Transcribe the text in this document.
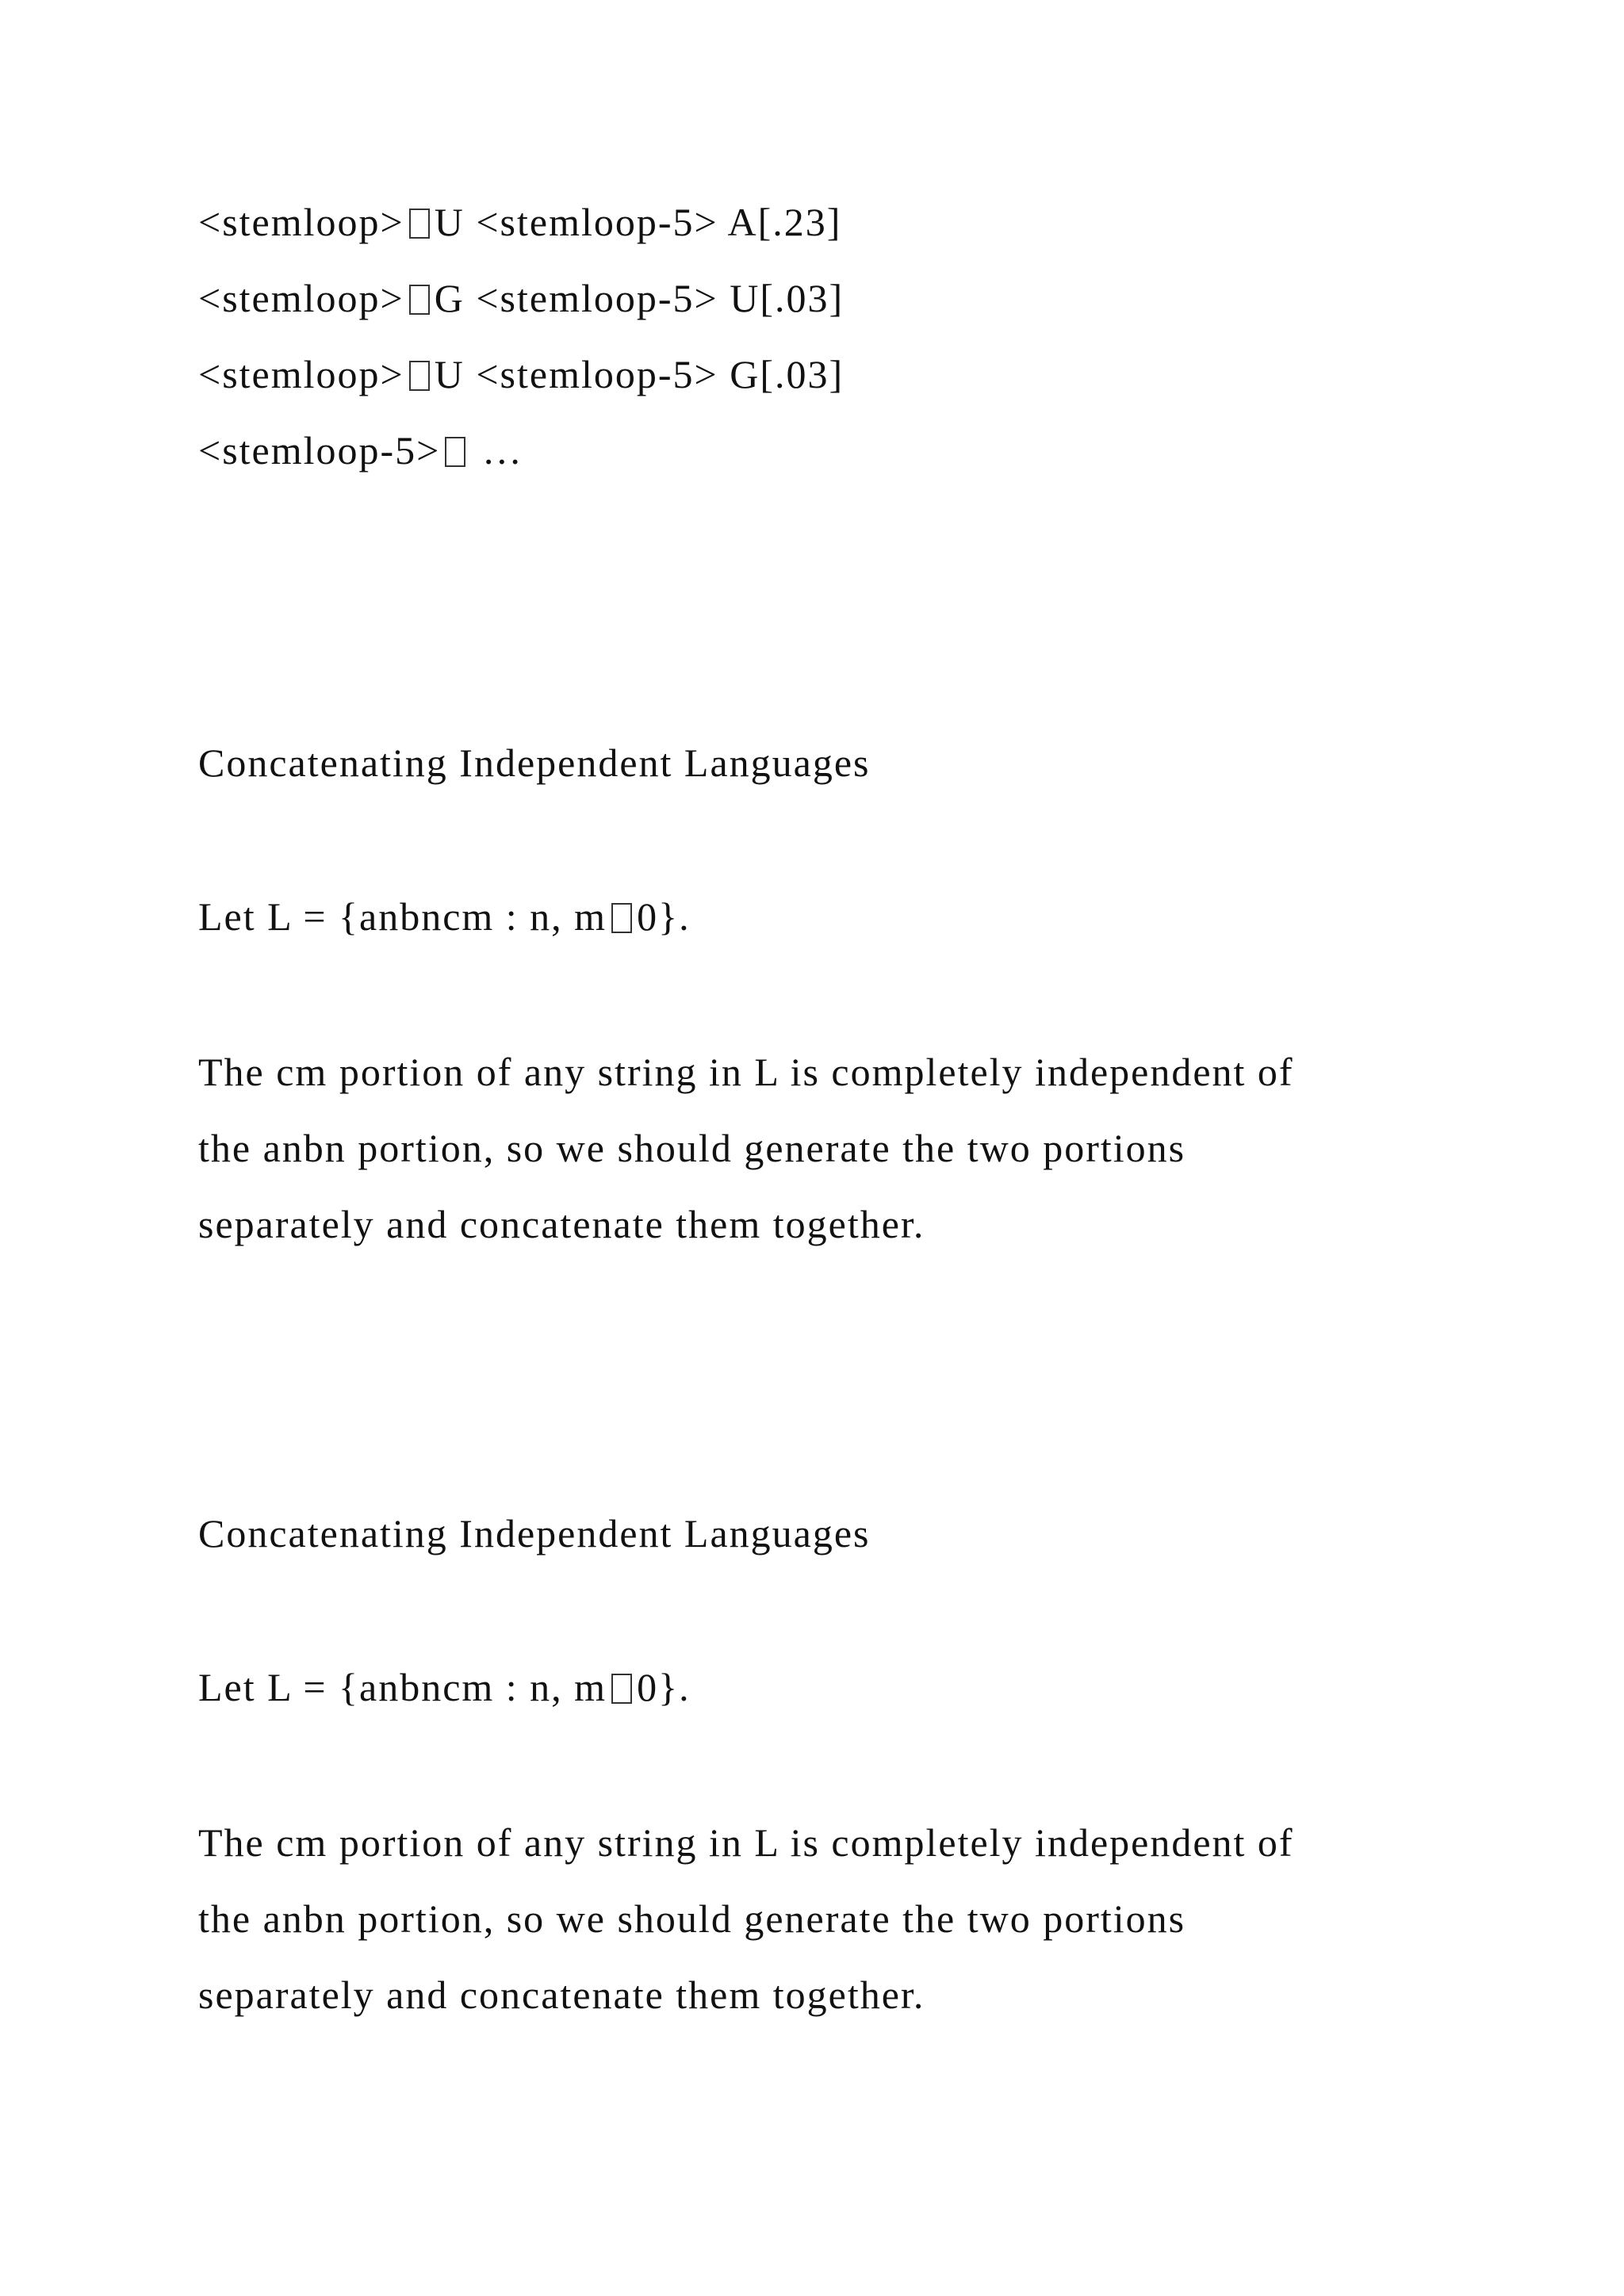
<stemloop> U <stemloop-5> A[.23]
<stemloop> G <stemloop-5> U[.03]
<stemloop> U <stemloop-5> G[.03]
<stemloop-5> …
Concatenating Independent Languages
Let L = {anbncm : n, m 0}.
The cm portion of any string in L is completely independent of
the anbn portion, so we should generate the two portions
separately and concatenate them together.
Concatenating Independent Languages
Let L = {anbncm : n, m 0}.
The cm portion of any string in L is completely independent of
the anbn portion, so we should generate the two portions
separately and concatenate them together.
